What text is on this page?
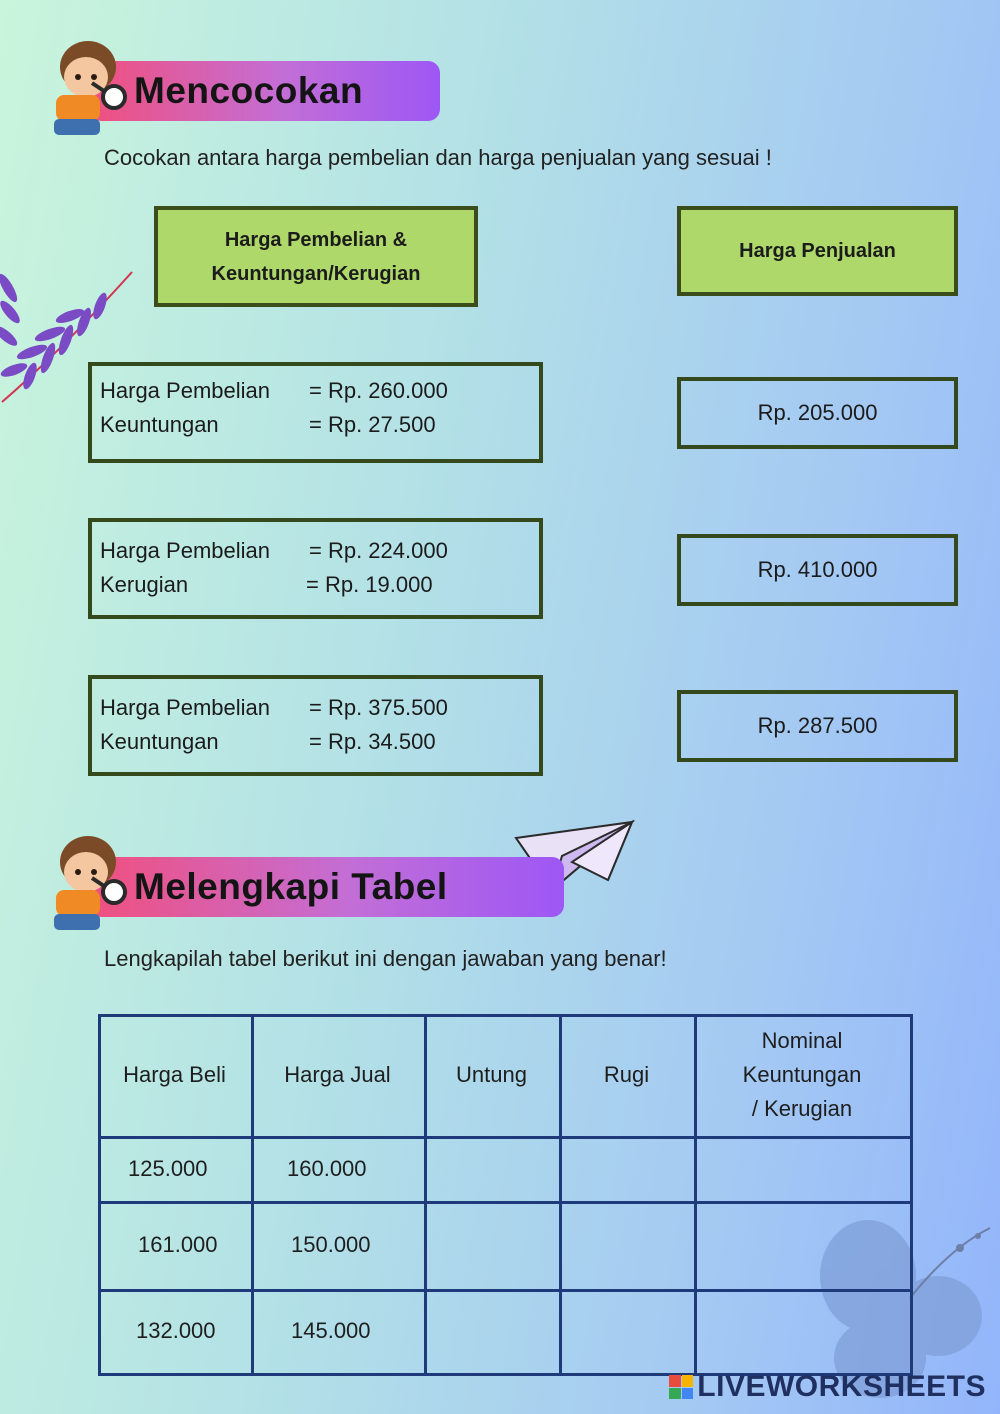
Mencocokan
Cocokan antara harga pembelian dan harga penjualan yang sesuai !
Harga Pembelian &
Keuntungan/Kerugian
Harga Penjualan
Harga Pembelian = Rp. 260.000
Keuntungan	= Rp. 27.500
Harga Pembelian = Rp. 224.000
Kerugian	= Rp. 19.000
Harga Pembelian = Rp. 375.500
Keuntungan	= Rp. 34.500
Rp. 205.000
Rp. 410.000
Rp. 287.500
Melengkapi Tabel
Lengkapilah tabel berikut ini dengan jawaban yang benar!
Harga Beli	Harga Jual	Untung	Rugi
Nominal
Keuntungan
/ Kerugian
125.000	160.000
161.000	150.000
132.000	145.000
LIVEWORKSHEETS
